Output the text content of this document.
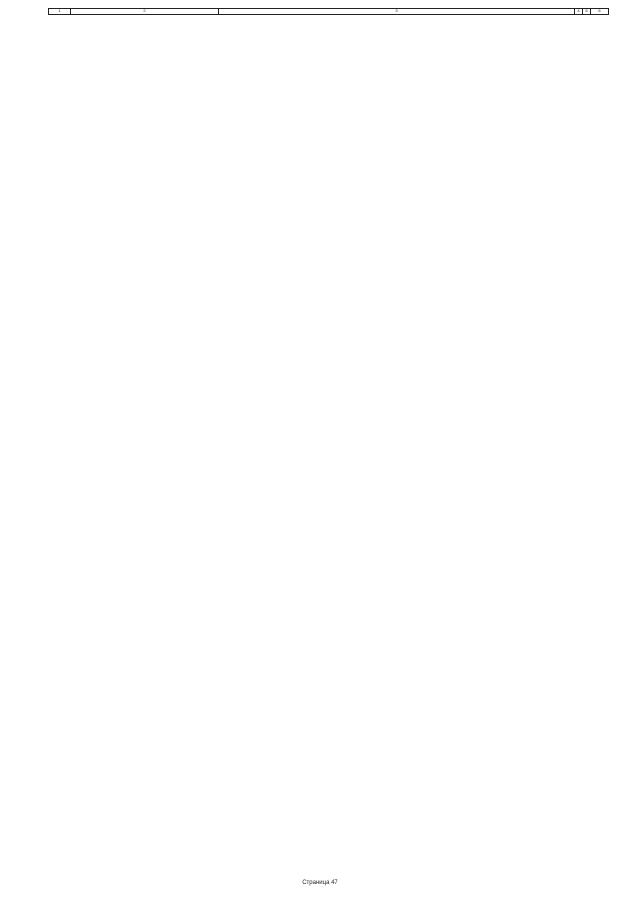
1	2	3	4	5	6
Страница 47
